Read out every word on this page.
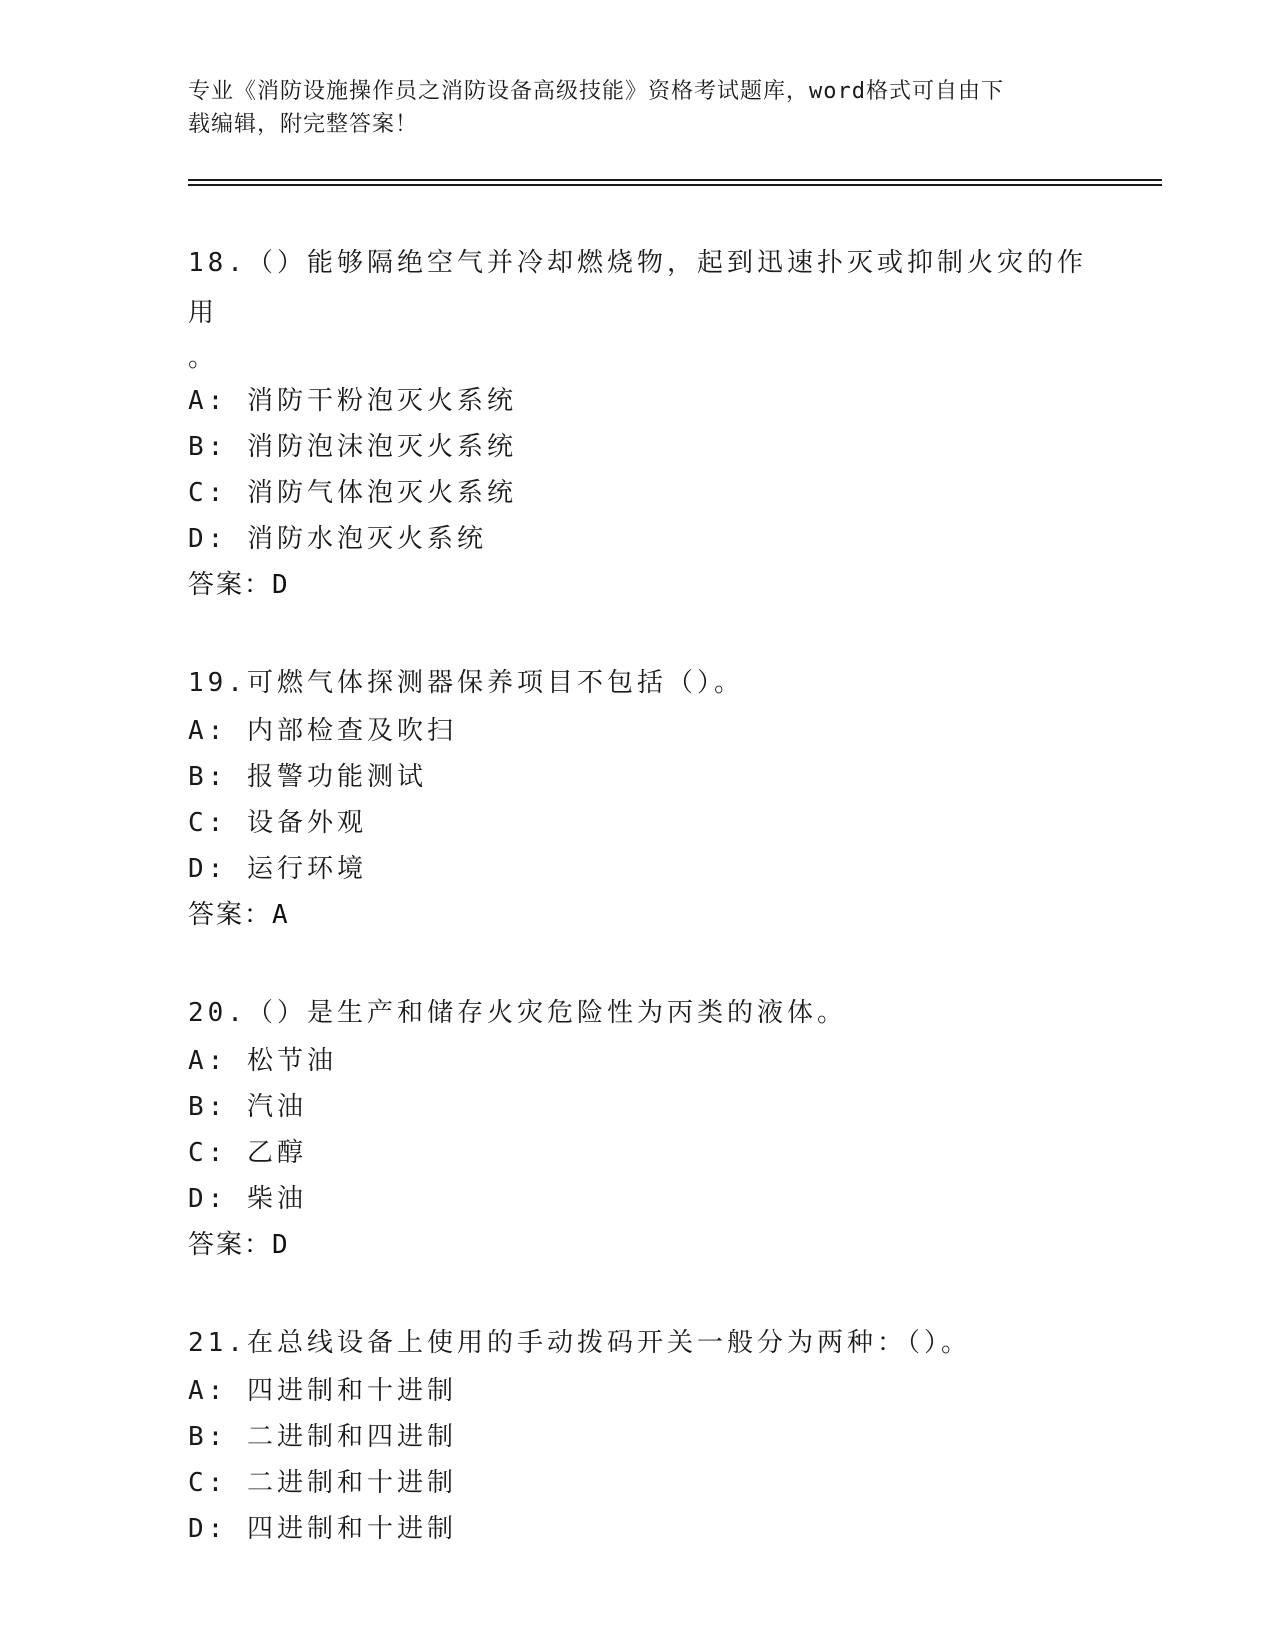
专业《消防设施操作员之消防设备高级技能》资格考试题库，word格式可自由下
载编辑，附完整答案！

18.（）能够隔绝空气并冷却燃烧物，起到迅速扑灭或抑制火灾的作用

。

A: 消防干粉泡灭火系统

B: 消防泡沫泡灭火系统

C: 消防气体泡灭火系统

D: 消防水泡灭火系统

答案：D

19.可燃气体探测器保养项目不包括（）。

A: 内部检查及吹扫

B: 报警功能测试

C: 设备外观

D: 运行环境

答案：A

20.（）是生产和储存火灾危险性为丙类的液体。

A: 松节油

B: 汽油

C: 乙醇

D: 柴油

答案：D

21.在总线设备上使用的手动拨码开关一般分为两种：（）。

A: 四进制和十进制

B: 二进制和四进制

C: 二进制和十进制

D: 四进制和十进制
